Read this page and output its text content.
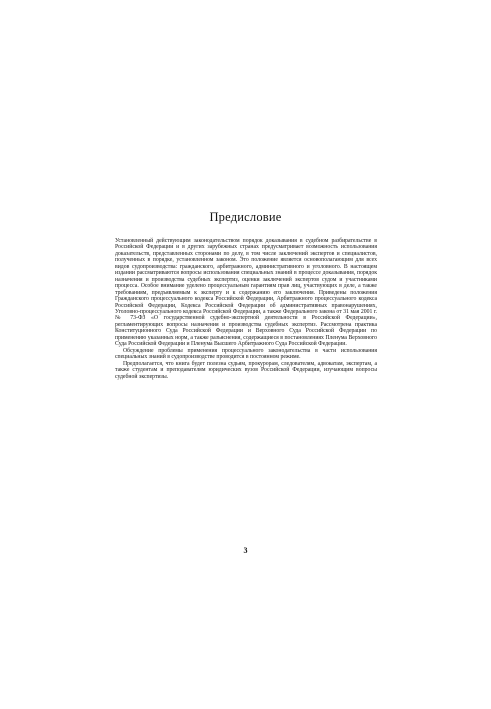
Предисловие

Установленный действующим законодательством порядок доказывания в судебном разбирательстве в Российской Федерации и в других зарубежных странах предусматривает возможность использования доказательств, представленных сторонами по делу, в том числе заключений экспертов и специалистов, полученных в порядке, установленном законом. Это положение является основополагающим для всех видов судопроизводства: гражданского, арбитражного, административного и уголовного. В настоящем издании рассматриваются вопросы использования специальных знаний в процессе доказывания, порядок назначения и производства судебных экспертиз, оценки заключений экспертов судом и участниками процесса. Особое внимание уделено процессуальным гарантиям прав лиц, участвующих в деле, а также требованиям, предъявляемым к эксперту и к содержанию его заключения. Приведены положения Гражданского процессуального кодекса Российской Федерации, Арбитражного процессуального кодекса Российской Федерации, Кодекса Российской Федерации об административных правонарушениях, Уголовно-процессуального кодекса Российской Федерации, а также Федерального закона от 31 мая 2001 г. № 73-ФЗ «О государственной судебно-экспертной деятельности в Российской Федерации», регламентирующих вопросы назначения и производства судебных экспертиз. Рассмотрена практика Конституционного Суда Российской Федерации и Верховного Суда Российской Федерации по применению указанных норм, а также разъяснения, содержащиеся в постановлениях Пленума Верховного Суда Российской Федерации и Пленума Высшего Арбитражного Суда Российской Федерации.

Обсуждение проблемы применения процессуального законодательства в части использования специальных знаний в судопроизводстве проводится в постоянном режиме.

Предполагается, что книга будет полезна судьям, прокурорам, следователям, адвокатам, экспертам, а также студентам и преподавателям юридических вузов Российской Федерации, изучающим вопросы судебной экспертизы.

3
